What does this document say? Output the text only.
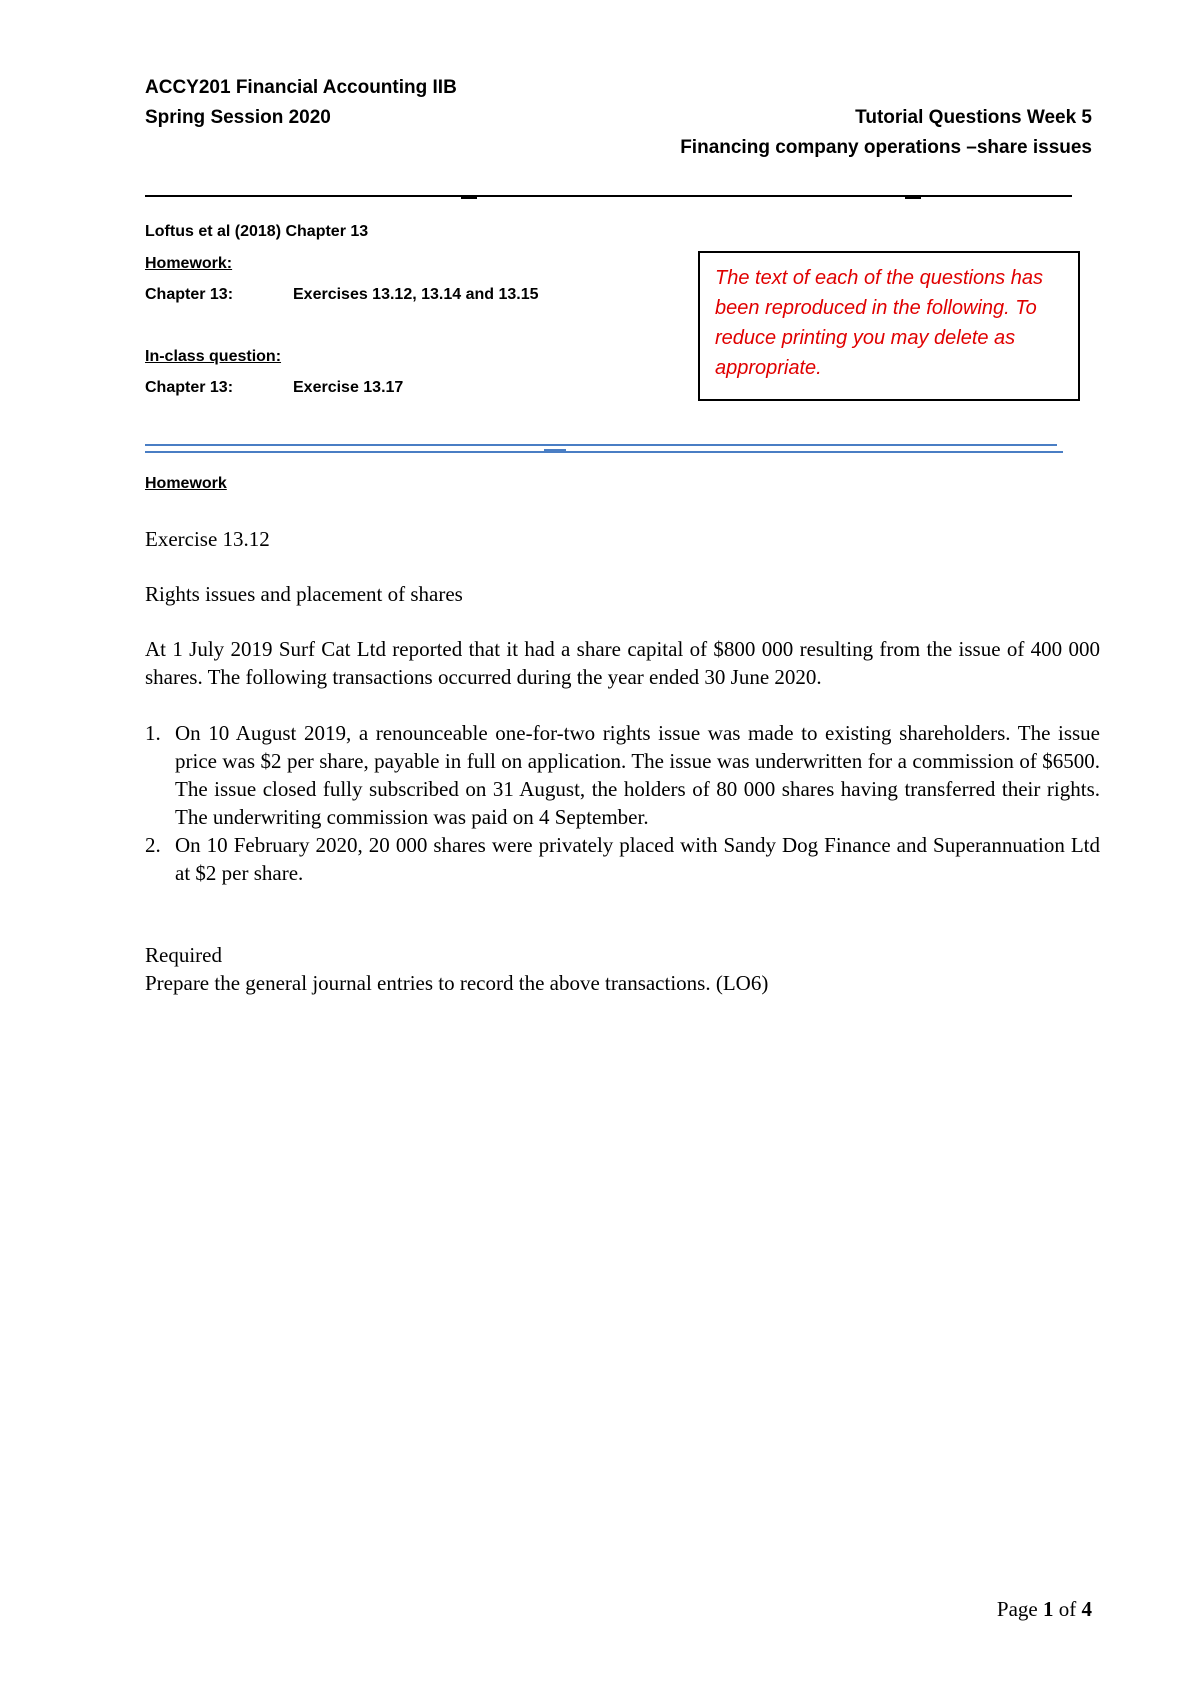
ACCY201 Financial Accounting IIB
Spring Session 2020	Tutorial Questions Week 5
Financing company operations –share issues
Loftus et al (2018) Chapter 13
Homework:
Chapter 13:	Exercises 13.12, 13.14 and 13.15
In-class question:
Chapter 13:	Exercise 13.17
The text of each of the questions has been reproduced in the following. To reduce printing you may delete as appropriate.
Homework
Exercise 13.12
Rights issues and placement of shares
At 1 July 2019 Surf Cat Ltd reported that it had a share capital of $800 000 resulting from the issue of 400 000 shares. The following transactions occurred during the year ended 30 June 2020.
1. On 10 August 2019, a renounceable one-for-two rights issue was made to existing shareholders. The issue price was $2 per share, payable in full on application. The issue was underwritten for a commission of $6500. The issue closed fully subscribed on 31 August, the holders of 80 000 shares having transferred their rights. The underwriting commission was paid on 4 September.
2. On 10 February 2020, 20 000 shares were privately placed with Sandy Dog Finance and Superannuation Ltd at $2 per share.
Required
Prepare the general journal entries to record the above transactions. (LO6)
Page 1 of 4
